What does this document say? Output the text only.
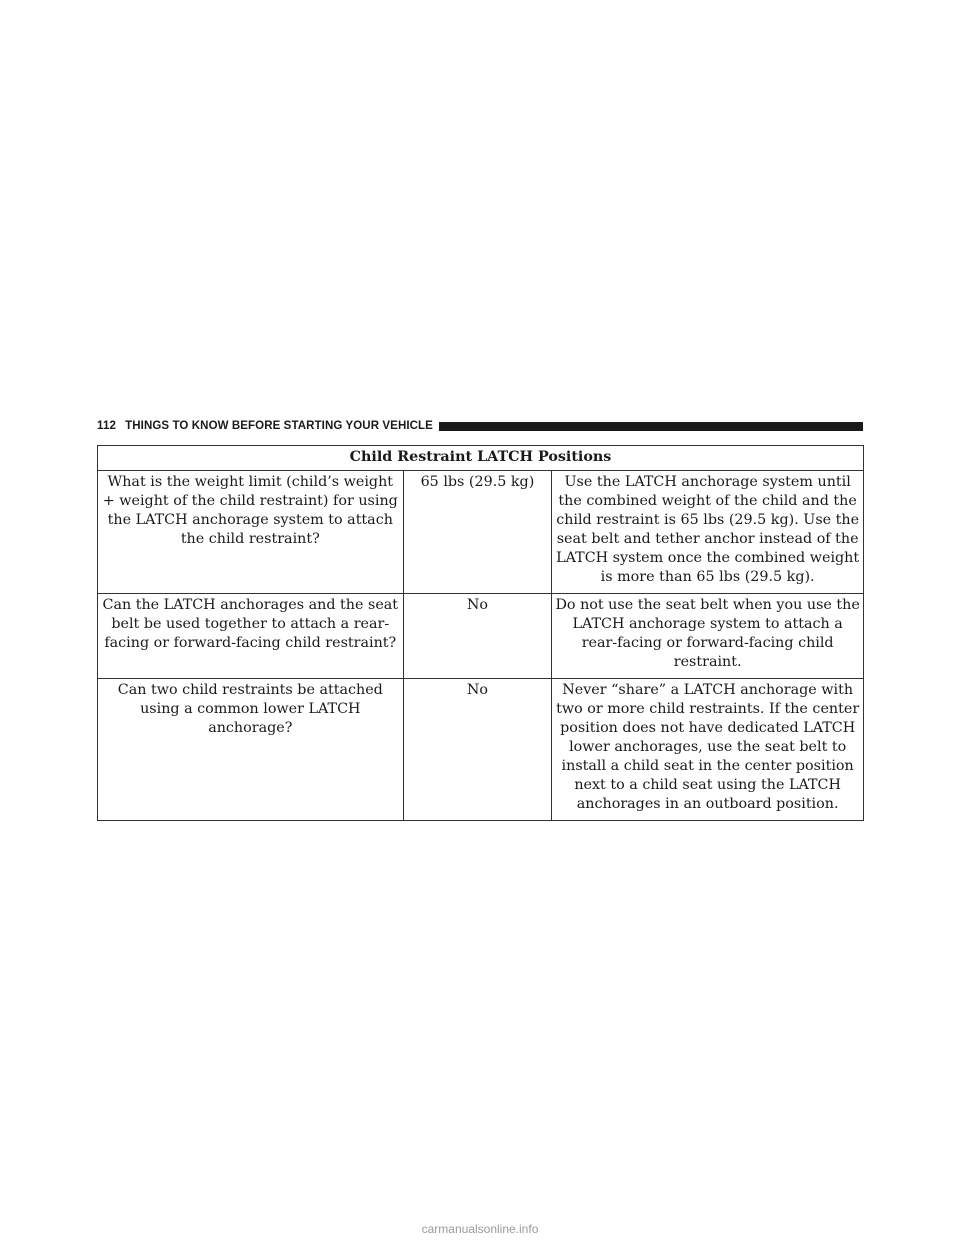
112 THINGS TO KNOW BEFORE STARTING YOUR VEHICLE
Child Restraint LATCH Positions		
What is the weight limit (child’s weight + weight of the child restraint) for using the LATCH anchorage system to attach the child restraint?	65 lbs (29.5 kg)	Use the LATCH anchorage system until the combined weight of the child and the child restraint is 65 lbs (29.5 kg). Use the seat belt and tether anchor instead of the LATCH system once the combined weight is more than 65 lbs (29.5 kg).
Can the LATCH anchorages and the seat belt be used together to attach a rear-facing or forward-facing child restraint?	No	Do not use the seat belt when you use the LATCH anchorage system to attach a rear-facing or forward-facing child restraint.
Can two child restraints be attached using a common lower LATCH anchorage?	No	Never “share” a LATCH anchorage with two or more child restraints. If the center position does not have dedicated LATCH lower anchorages, use the seat belt to install a child seat in the center position next to a child seat using the LATCH anchorages in an outboard position.
carmanualsonline.info
